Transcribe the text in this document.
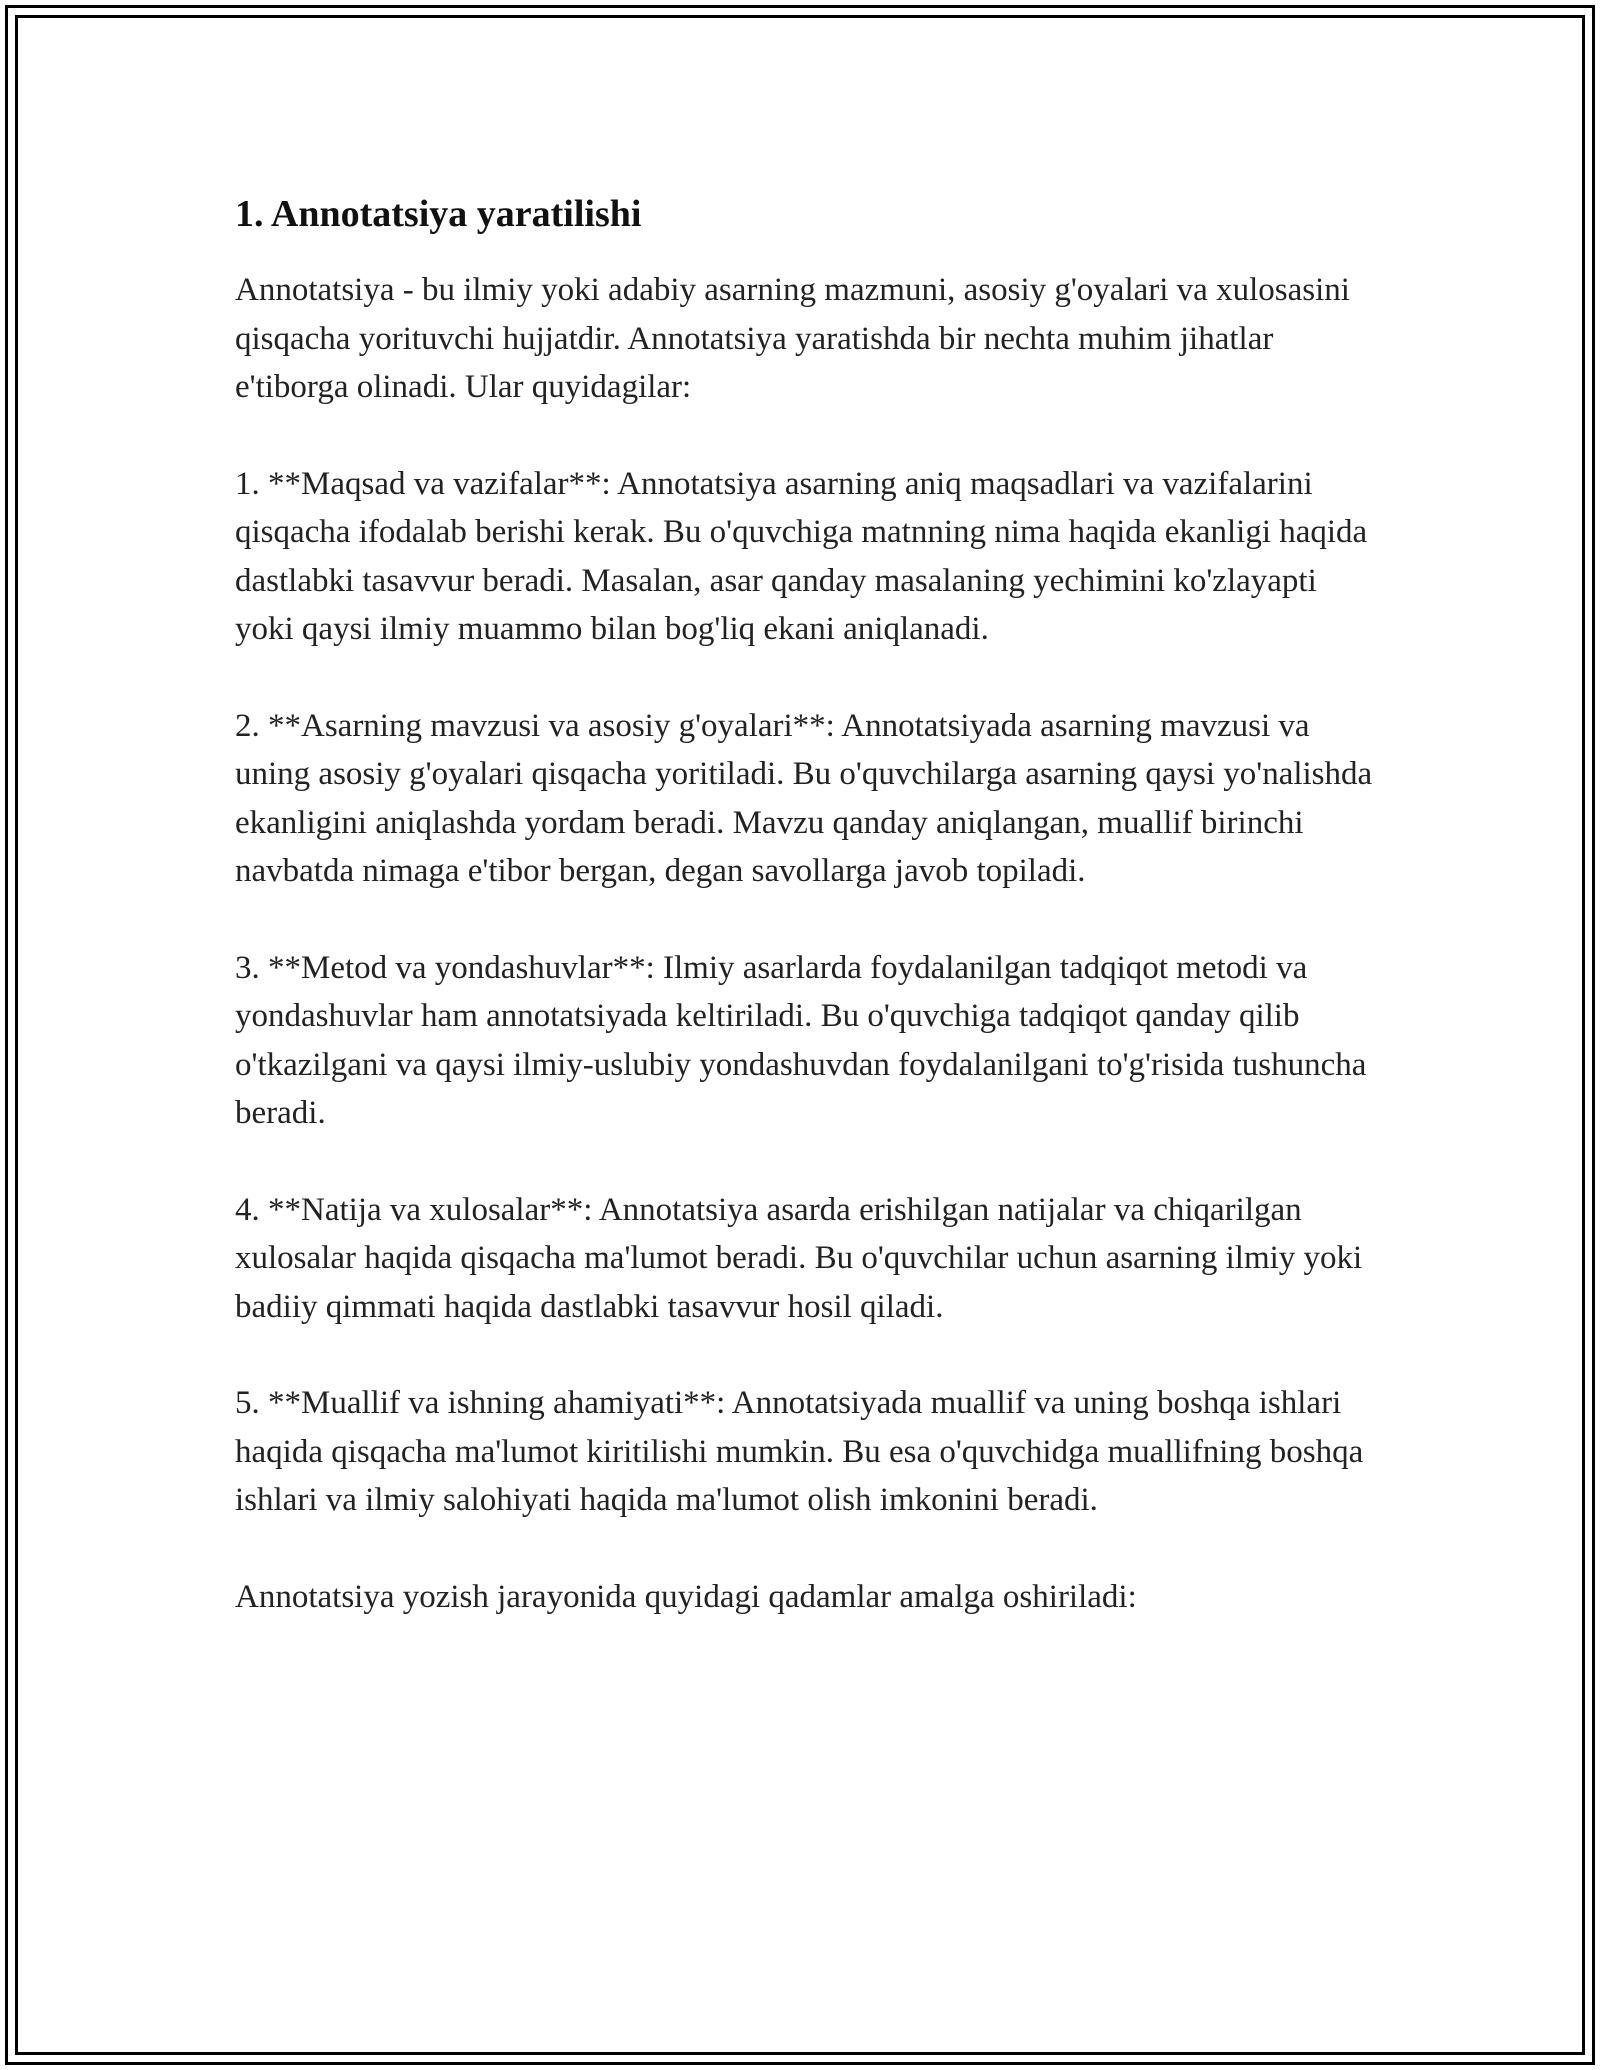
1. Annotatsiya yaratilishi

Annotatsiya - bu ilmiy yoki adabiy asarning mazmuni, asosiy g'oyalari va xulosasini qisqacha yorituvchi hujjatdir. Annotatsiya yaratishda bir nechta muhim jihatlar e'tiborga olinadi. Ular quyidagilar:

1. **Maqsad va vazifalar**: Annotatsiya asarning aniq maqsadlari va vazifalarini qisqacha ifodalab berishi kerak. Bu o'quvchiga matnning nima haqida ekanligi haqida dastlabki tasavvur beradi. Masalan, asar qanday masalaning yechimini ko'zlayapti yoki qaysi ilmiy muammo bilan bog'liq ekani aniqlanadi.

2. **Asarning mavzusi va asosiy g'oyalari**: Annotatsiyada asarning mavzusi va uning asosiy g'oyalari qisqacha yoritiladi. Bu o'quvchilarga asarning qaysi yo'nalishda ekanligini aniqlashda yordam beradi. Mavzu qanday aniqlangan, muallif birinchi navbatda nimaga e'tibor bergan, degan savollarga javob topiladi.

3. **Metod va yondashuvlar**: Ilmiy asarlarda foydalanilgan tadqiqot metodi va yondashuvlar ham annotatsiyada keltiriladi. Bu o'quvchiga tadqiqot qanday qilib o'tkazilgani va qaysi ilmiy-uslubiy yondashuvdan foydalanilgani to'g'risida tushuncha beradi.

4. **Natija va xulosalar**: Annotatsiya asarda erishilgan natijalar va chiqarilgan xulosalar haqida qisqacha ma'lumot beradi. Bu o'quvchilar uchun asarning ilmiy yoki badiiy qimmati haqida dastlabki tasavvur hosil qiladi.

5. **Muallif va ishning ahamiyati**: Annotatsiyada muallif va uning boshqa ishlari haqida qisqacha ma'lumot kiritilishi mumkin. Bu esa o'quvchidga muallifning boshqa ishlari va ilmiy salohiyati haqida ma'lumot olish imkonini beradi.

Annotatsiya yozish jarayonida quyidagi qadamlar amalga oshiriladi:
